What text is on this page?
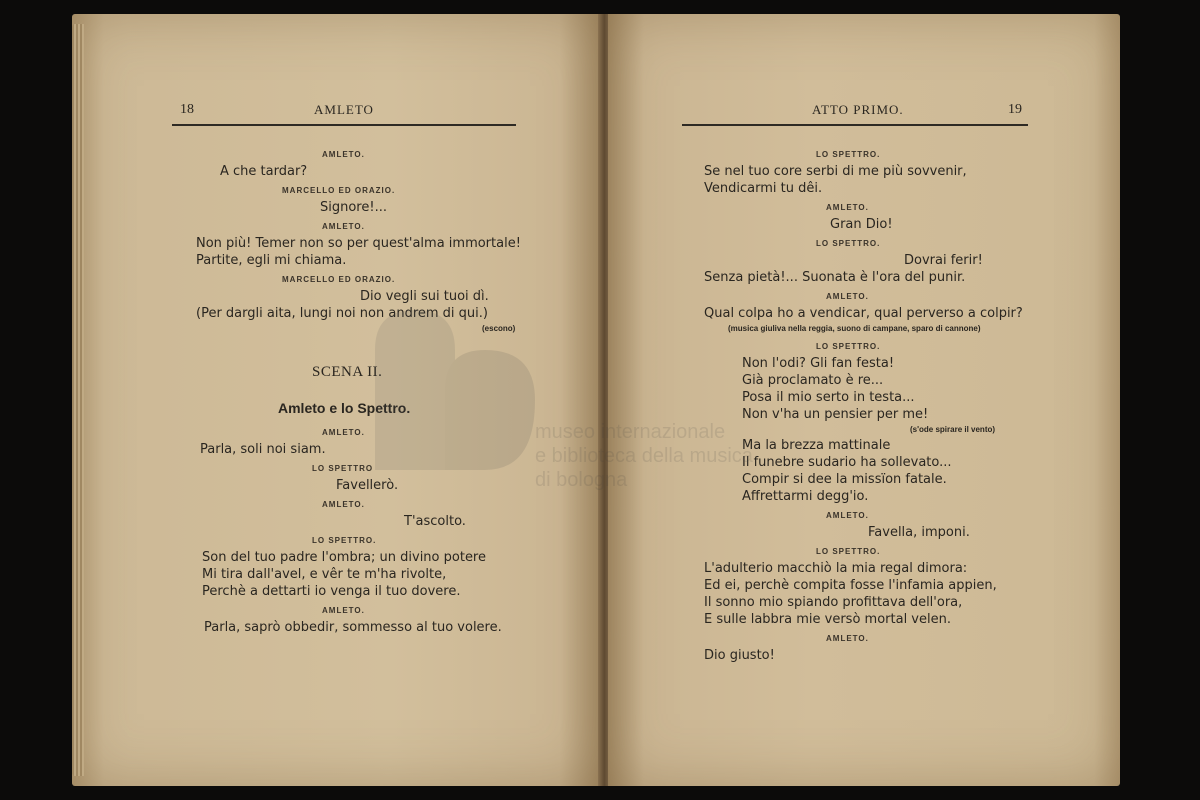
18	AMLETO
AMLETO.
A che tardar?
MARCELLO ED ORAZIO.
Signore!...
AMLETO.
Non più! Temer non so per quest'alma immortale!
Partite, egli mi chiama.
MARCELLO ED ORAZIO.
Dio vegli sui tuoi dì.
(Per dargli aita, lungi noi non andrem di qui.)
(escono)
SCENA II.
Amleto e lo Spettro.
AMLETO.
Parla, soli noi siam.
LO SPETTRO
Favellerò.
AMLETO.
T'ascolto.
LO SPETTRO.
Son del tuo padre l'ombra; un divino potere
Mi tira dall'avel, e vêr te m'ha rivolte,
Perchè a dettarti io venga il tuo dovere.
AMLETO.
Parla, saprò obbedir, sommesso al tuo volere.
ATTO PRIMO.	19
LO SPETTRO.
Se nel tuo core serbi di me più sovvenir,
Vendicarmi tu dêi.
AMLETO.
Gran Dio!
LO SPETTRO.
Dovrai ferir!
Senza pietà!... Suonata è l'ora del punir.
AMLETO.
Qual colpa ho a vendicar, qual perverso a colpir?
(musica giuliva nella reggia, suono di campane, sparo di cannone)
LO SPETTRO.
Non l'odi? Gli fan festa!
Già proclamato è re...
Posa il mio serto in testa...
Non v'ha un pensier per me!
(s'ode spirare il vento)
Ma la brezza mattinale
Il funebre sudario ha sollevato...
Compir si dee la missïon fatale.
Affrettarmi degg'io.
AMLETO.
Favella, imponi.
LO SPETTRO.
L'adulterio macchiò la mia regal dimora:
Ed ei, perchè compita fosse l'infamia appien,
Il sonno mio spiando profittava dell'ora,
E sulle labbra mie versò mortal velen.
AMLETO.
Dio giusto!
museo internazionale
e biblioteca della musica
di bologna
